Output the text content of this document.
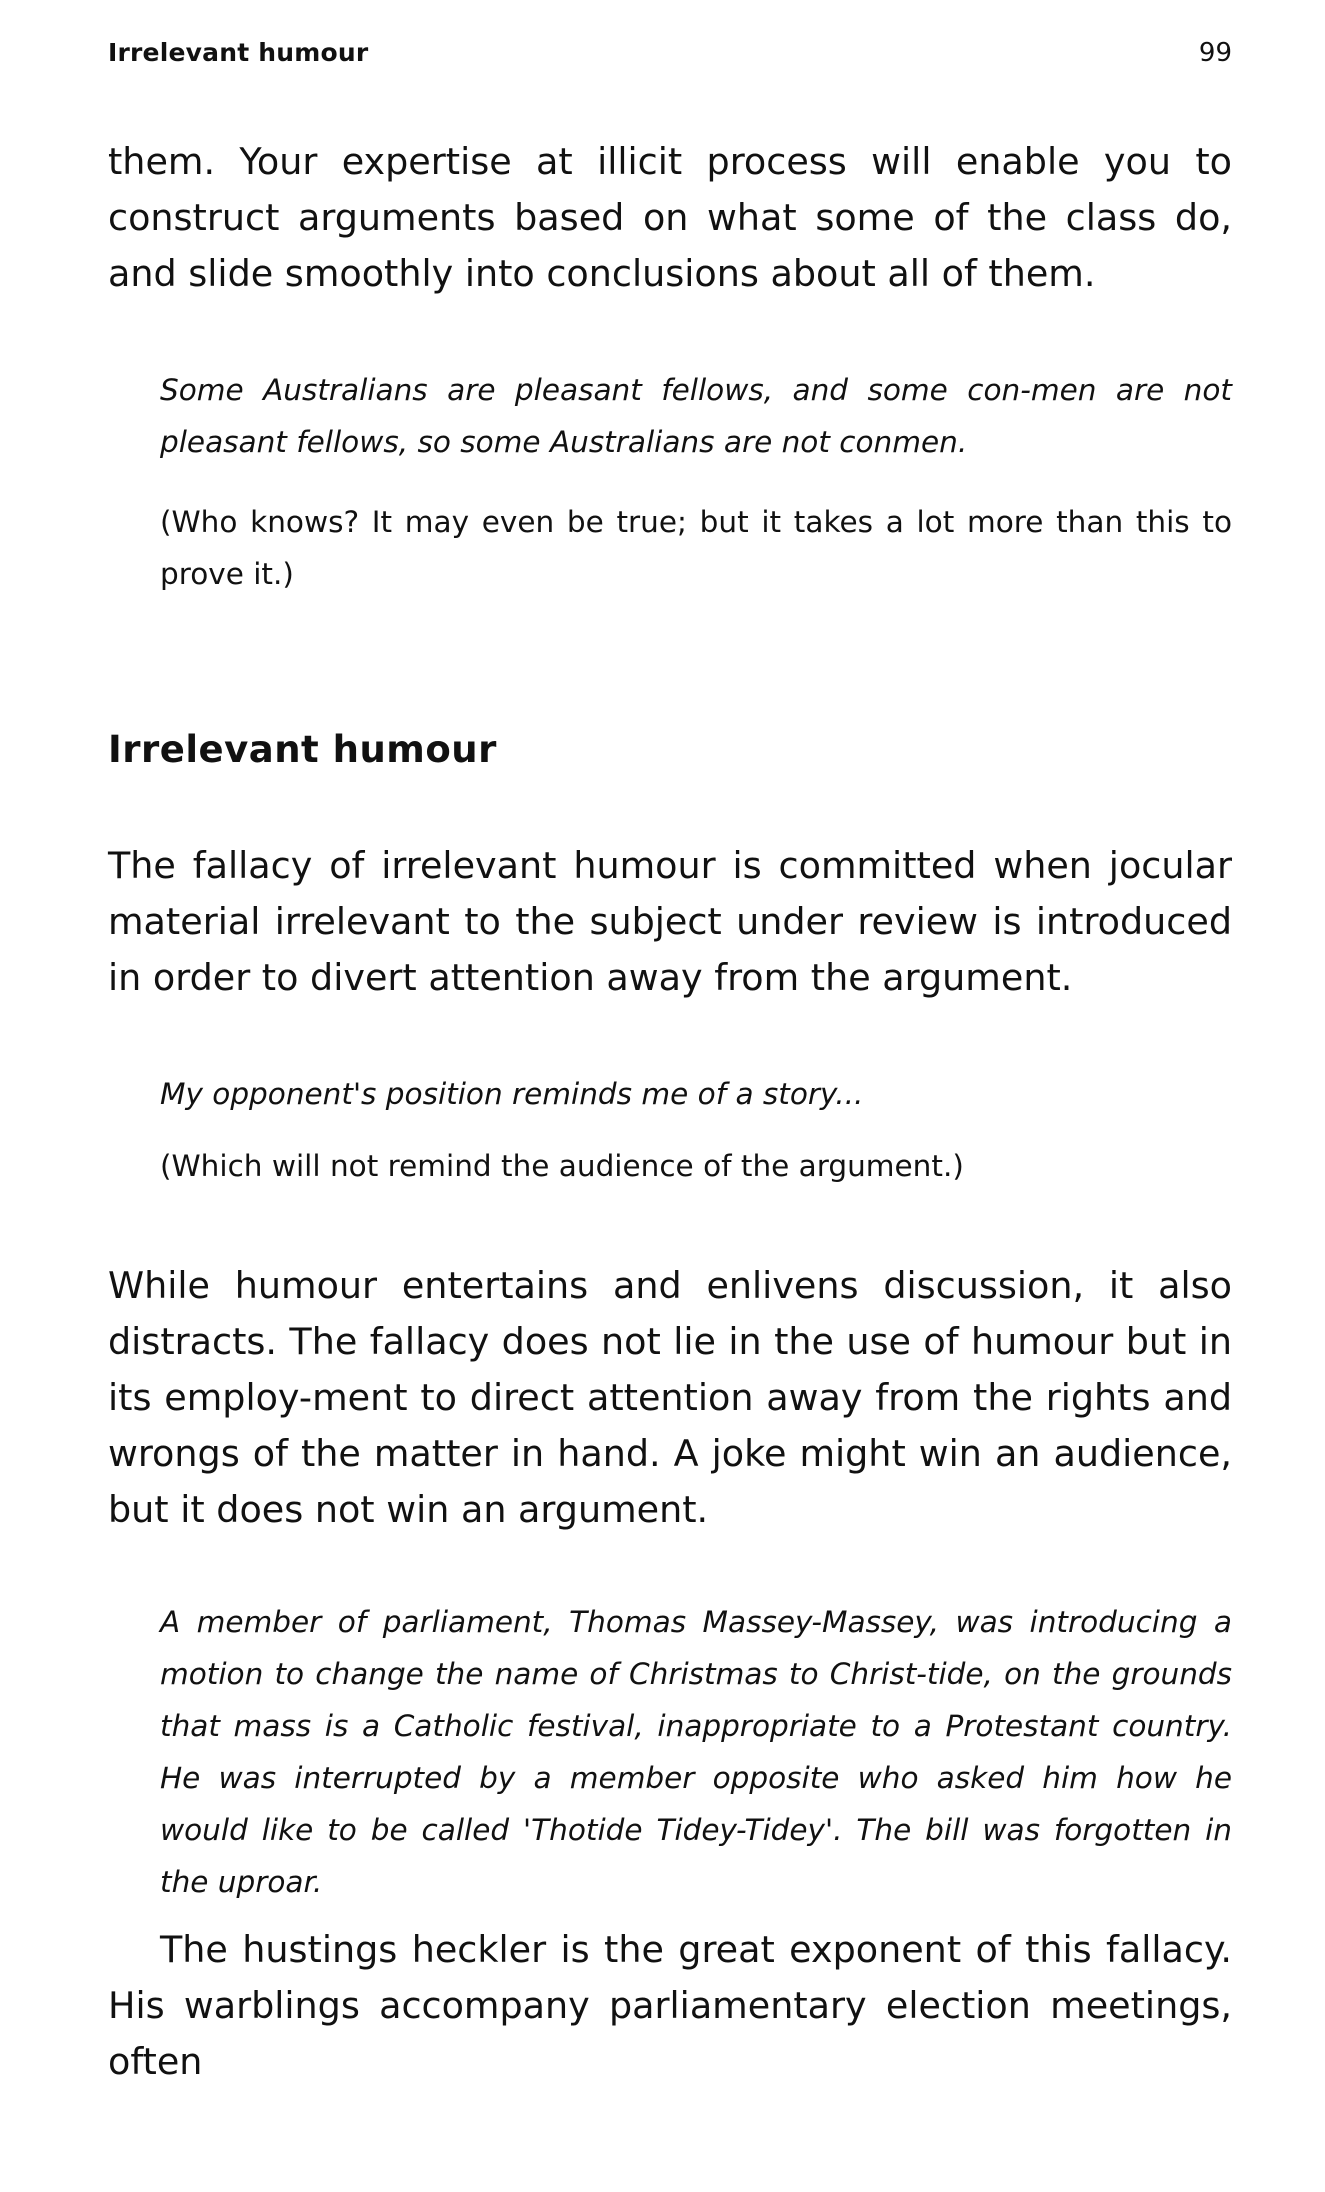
Irrelevant humour	99

them. Your expertise at illicit process will enable you to construct arguments based on what some of the class do, and slide smoothly into conclusions about all of them.

Some Australians are pleasant fellows, and some con-men are not pleasant fellows, so some Australians are not conmen.

(Who knows? It may even be true; but it takes a lot more than this to prove it.)

Irrelevant humour

The fallacy of irrelevant humour is committed when jocular material irrelevant to the subject under review is introduced in order to divert attention away from the argument.

My opponent's position reminds me of a story...

(Which will not remind the audience of the argument.)

While humour entertains and enlivens discussion, it also distracts. The fallacy does not lie in the use of humour but in its employ-ment to direct attention away from the rights and wrongs of the matter in hand. A joke might win an audience, but it does not win an argument.

A member of parliament, Thomas Massey-Massey, was introducing a motion to change the name of Christmas to Christ-tide, on the grounds that mass is a Catholic festival, inappropriate to a Protestant country. He was interrupted by a member opposite who asked him how he would like to be called 'Thotide Tidey-Tidey'. The bill was forgotten in the uproar.

The hustings heckler is the great exponent of this fallacy. His warblings accompany parliamentary election meetings, often
